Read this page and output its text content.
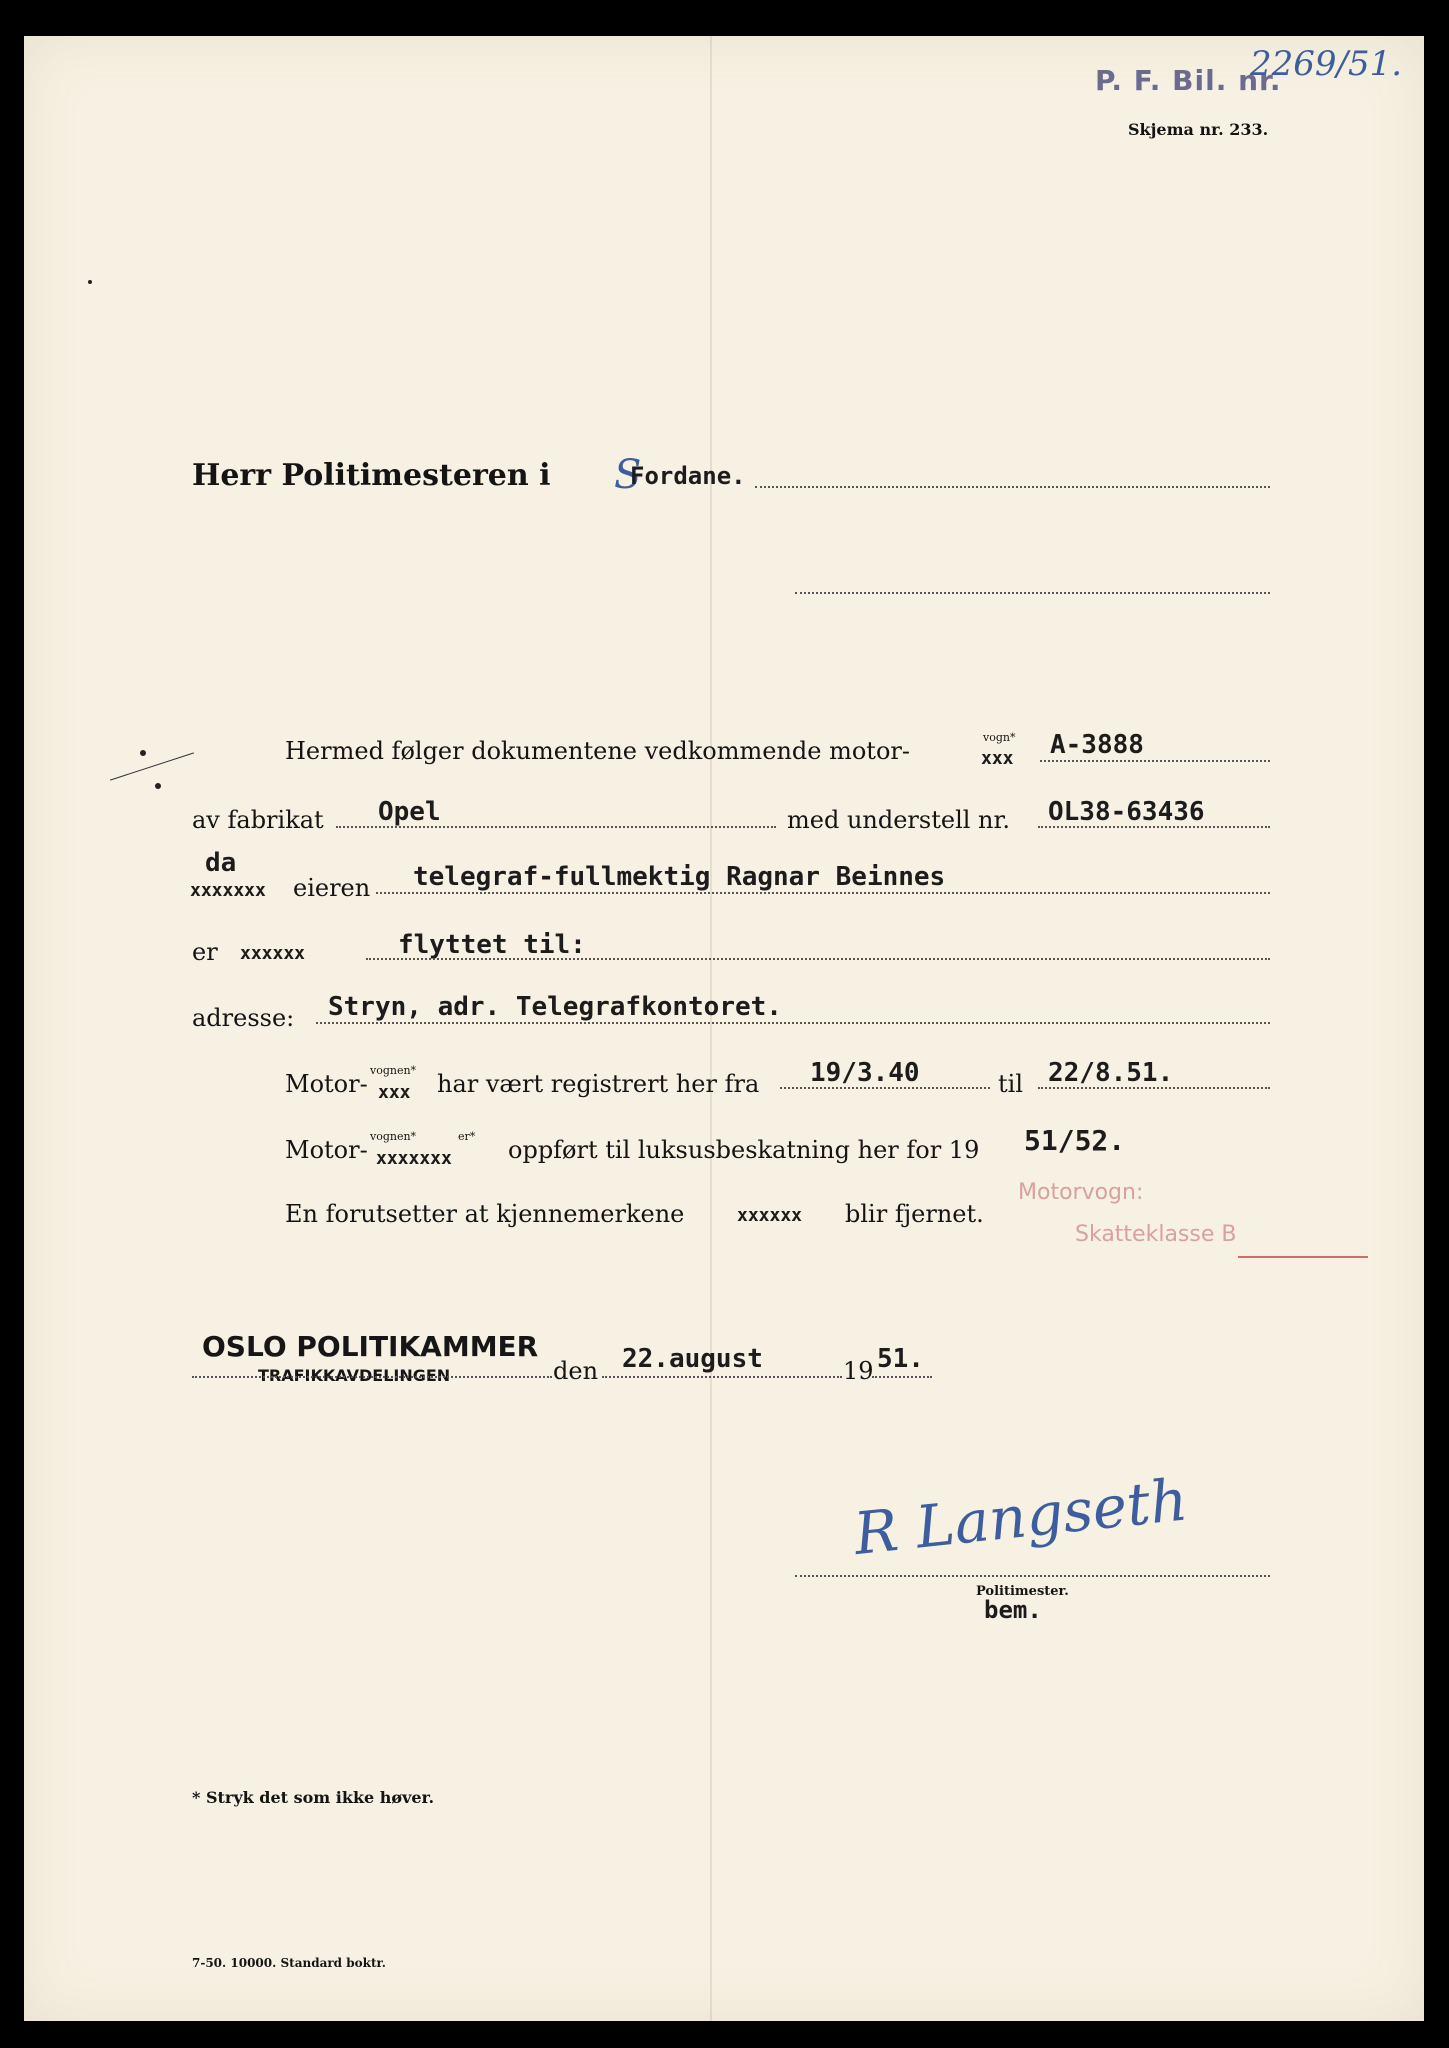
P. F. Bil. nr.
2269/51.
Skjema nr. 233.
Herr Politimesteren i S
Fordane.
Hermed følger dokumentene vedkommende motor-	vogn*
xxx A-3888
av fabrikat Opel	med understell nr. OL38-63436
da
xxxxxxx eieren telegraf-fullmektig Ragnar Beinnes
er xxxxxx	flyttet til:
adresse: Stryn, adr. Telegrafkontoret.
Motor- vognen*
xxx har vært registrert her fra 19/3.40	til 22/8.51.
Motor- vognen*	er*
xxxxxxx oppført til luksusbeskatning her for 19 51/52.
En forutsetter at kjennemerkene	xxxxxx blir fjernet.
Motorvogn:
Skatteklasse B
OSLO POLITIKAMMER
TRAFIKKAVDELINGEN	den 22.august	19 51.
R Langseth
Politimester.
bem.
* Stryk det som ikke høver.
7-50. 10000. Standard boktr.
